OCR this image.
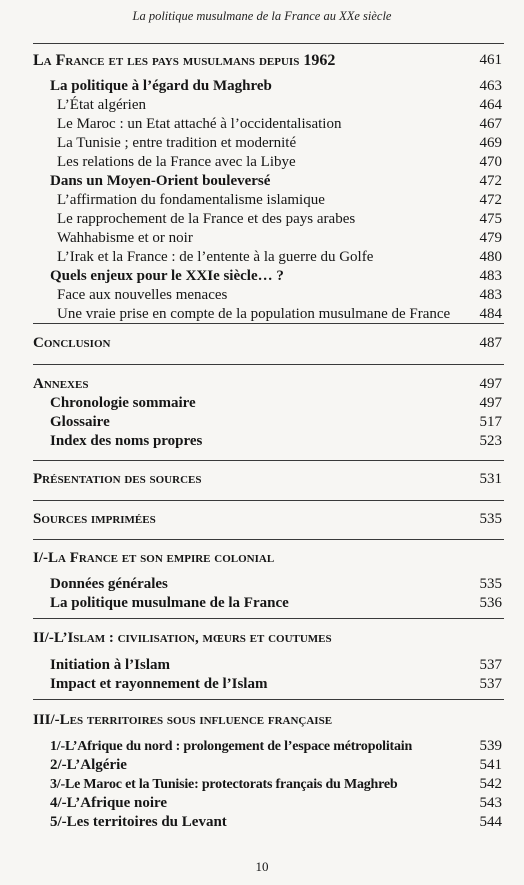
La politique musulmane de la France au XXe siècle
La France et les pays musulmans depuis 1962	461
La politique à l’égard du Maghreb	463
L’État algérien	464
Le Maroc : un Etat attaché à l’occidentalisation	467
La Tunisie ; entre tradition et modernité	469
Les relations de la France avec la Libye	470
Dans un Moyen-Orient bouleversé	472
L’affirmation du fondamentalisme islamique	472
Le rapprochement de la France et des pays arabes	475
Wahhabisme et or noir	479
L’Irak et la France : de l’entente à la guerre du Golfe	480
Quels enjeux pour le XXIe siècle… ?	483
Face aux nouvelles menaces	483
Une vraie prise en compte de la population musulmane de France 484
Conclusion	487
Annexes	497
Chronologie sommaire	497
Glossaire	517
Index des noms propres	523
Présentation des sources	531
Sources imprimées	535
I/-La France et son empire colonial
Données générales	535
La politique musulmane de la France	536
II/-L’Islam : civilisation, mœurs et coutumes
Initiation à l’Islam	537
Impact et rayonnement de l’Islam	537
III/-Les territoires sous influence française
1/-L’Afrique du nord : prolongement de l’espace métropolitain	539
2/-L’Algérie	541
3/-Le Maroc et la Tunisie: protectorats français du Maghreb	542
4/-L’Afrique noire	543
5/-Les territoires du Levant	544
10
